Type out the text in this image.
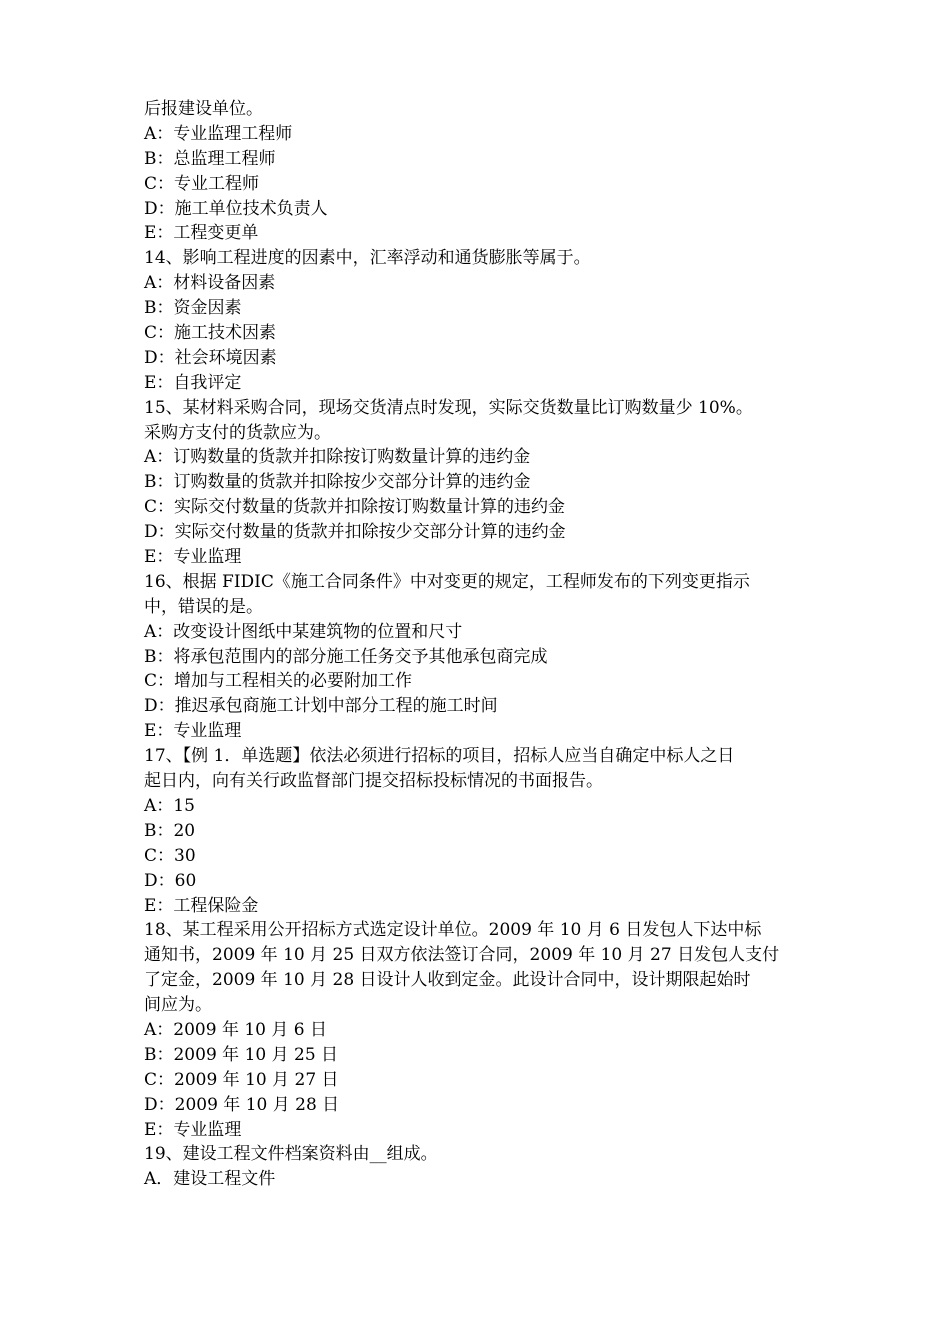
后报建设单位。
A：专业监理工程师
B：总监理工程师
C：专业工程师
D：施工单位技术负责人
E：工程变更单
14、影响工程进度的因素中，汇率浮动和通货膨胀等属于。
A：材料设备因素
B：资金因素
C：施工技术因素
D：社会环境因素
E：自我评定
15、某材料采购合同，现场交货清点时发现，实际交货数量比订购数量少 10%。
采购方支付的货款应为。
A：订购数量的货款并扣除按订购数量计算的违约金
B：订购数量的货款并扣除按少交部分计算的违约金
C：实际交付数量的货款并扣除按订购数量计算的违约金
D：实际交付数量的货款并扣除按少交部分计算的违约金
E：专业监理
16、根据 FIDIC《施工合同条件》中对变更的规定，工程师发布的下列变更指示
中，错误的是。
A：改变设计图纸中某建筑物的位置和尺寸
B：将承包范围内的部分施工任务交予其他承包商完成
C：增加与工程相关的必要附加工作
D：推迟承包商施工计划中部分工程的施工时间
E：专业监理
17、【例 1．单选题】依法必须进行招标的项目，招标人应当自确定中标人之日
起日内，向有关行政监督部门提交招标投标情况的书面报告。
A：15
B：20
C：30
D：60
E：工程保险金
18、某工程采用公开招标方式选定设计单位。2009 年 10 月 6 日发包人下达中标
通知书，2009 年 10 月 25 日双方依法签订合同，2009 年 10 月 27 日发包人支付
了定金，2009 年 10 月 28 日设计人收到定金。此设计合同中，设计期限起始时
间应为。
A：2009 年 10 月 6 日
B：2009 年 10 月 25 日
C：2009 年 10 月 27 日
D：2009 年 10 月 28 日
E：专业监理
19、建设工程文件档案资料由__组成。
A．建设工程文件
